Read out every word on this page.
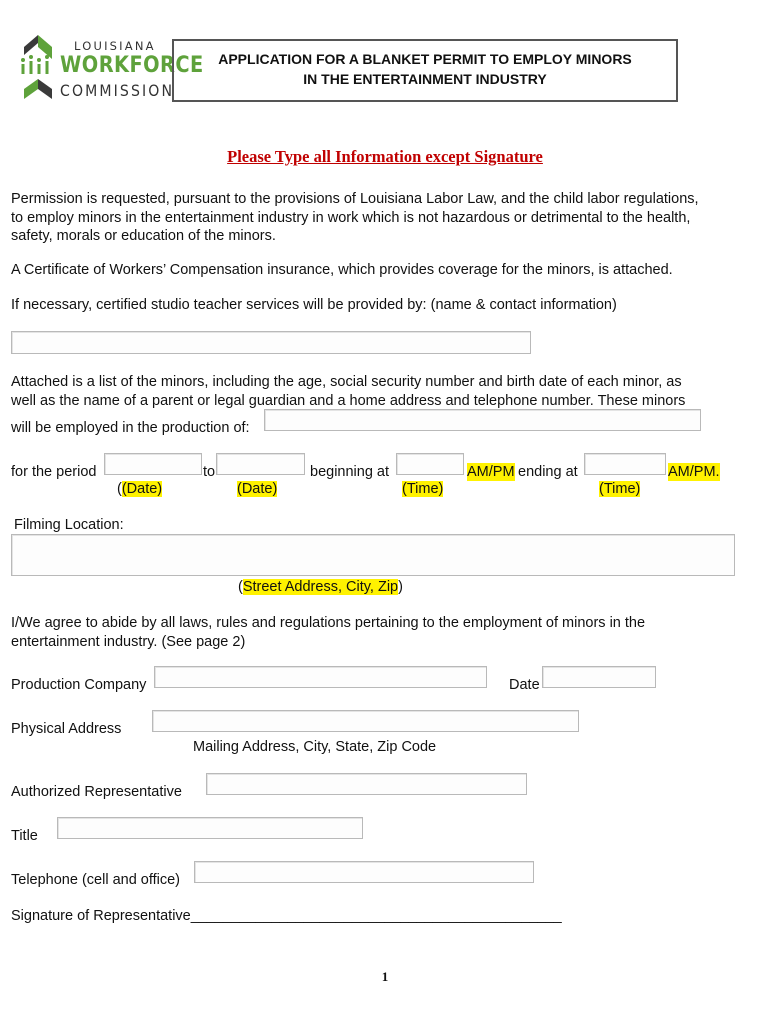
LOUISIANA
WORKFORCE
COMMISSION
APPLICATION FOR A BLANKET PERMIT TO EMPLOY MINORS
IN THE ENTERTAINMENT INDUSTRY
Please Type all Information except Signature
Permission is requested, pursuant to the provisions of Louisiana Labor Law, and the child labor regulations,
to employ minors in the entertainment industry in work which is not hazardous or detrimental to the health,
safety, morals or education of the minors.
A Certificate of Workers’ Compensation insurance, which provides coverage for the minors, is attached.
If necessary, certified studio teacher services will be provided by: (name & contact information)
Attached is a list of the minors, including the age, social security number and birth date of each minor, as
well as the name of a parent or legal guardian and a home address and telephone number. These minors
will be employed in the production of:
for the period	to	beginning at	AM/PM ending at	AM/PM.
((Date)	(Date)	(Time)	(Time)
Filming Location:
(Street Address, City, Zip)
I/We agree to abide by all laws, rules and regulations pertaining to the employment of minors in the
entertainment industry. (See page 2)
Production Company	Date
Physical Address
Mailing Address, City, State, Zip Code
Authorized Representative
Title
Telephone (cell and office)
Signature of Representative______________________________________________
1
